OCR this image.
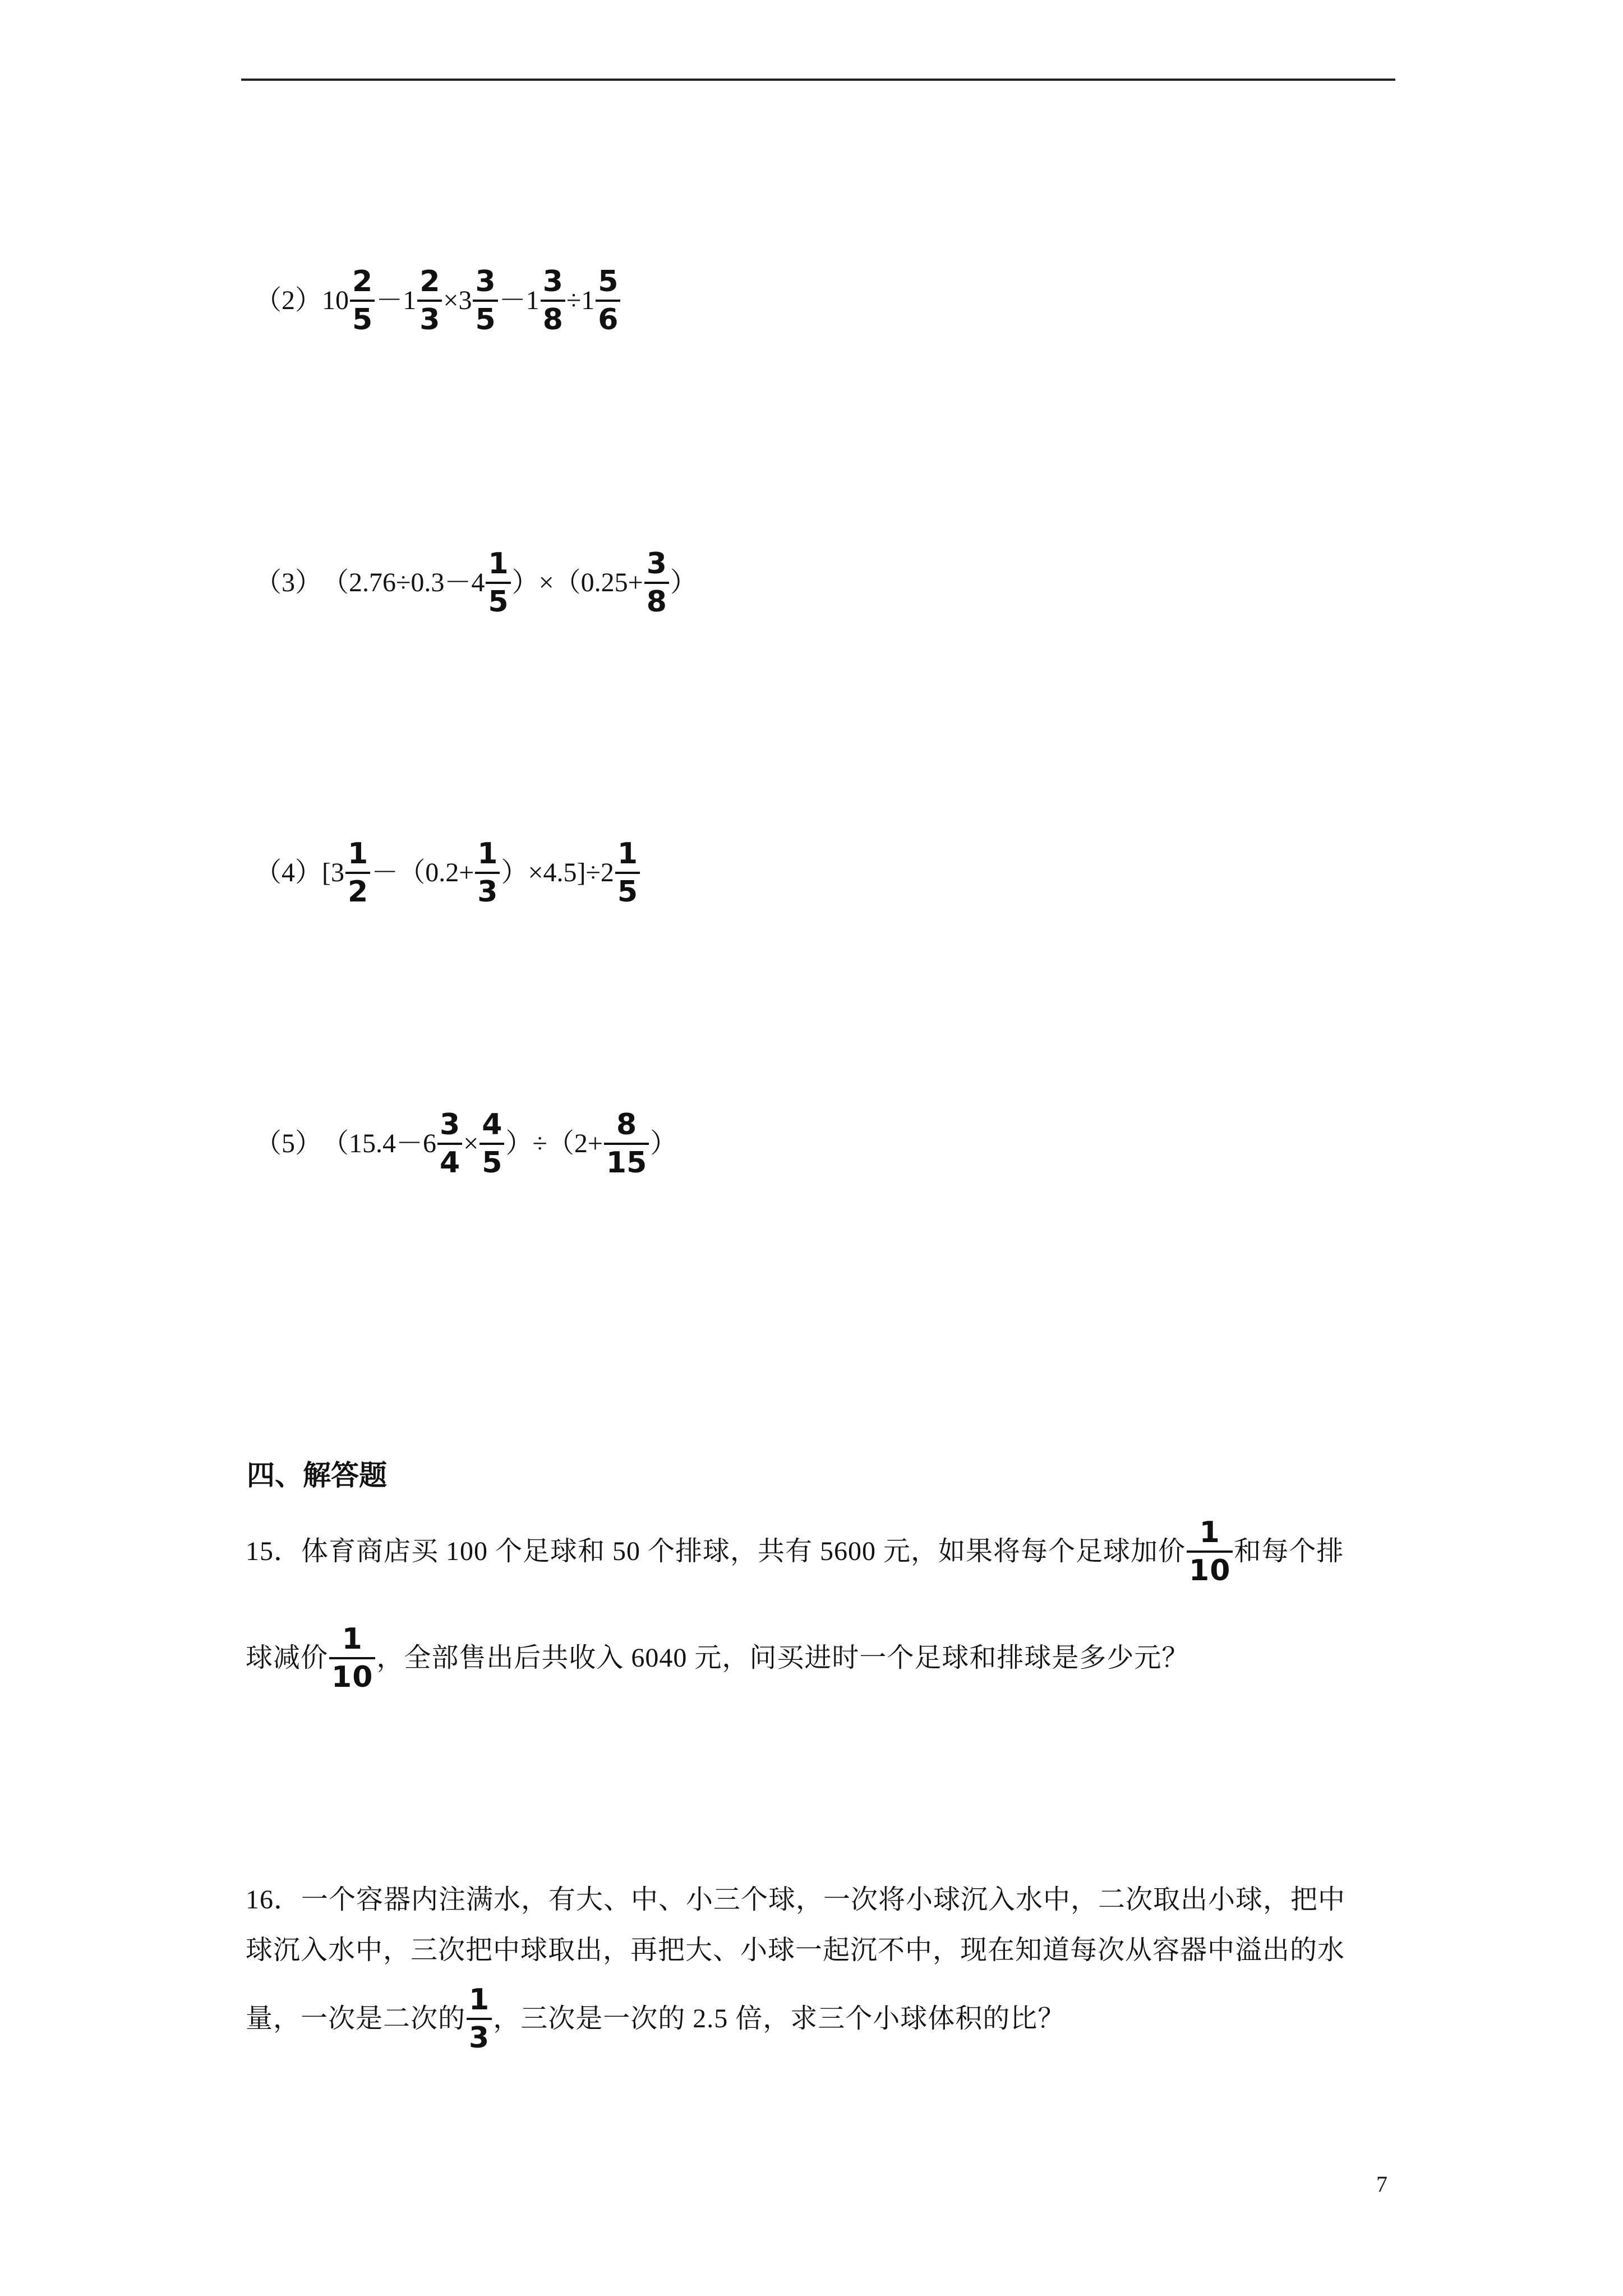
（2） $10 \frac{2}{5} -1 \frac{2}{3} \times 3 \frac{3}{5} -1 \frac{3}{8} \div 1 \frac{5}{6}$
（3） $(2.76\div 0.3-4 \frac{1}{5} )\times(0.25+ \frac{3}{8}$ ）
（4） $[3 \frac{1}{2} -(0.2+ \frac{1}{3} )\times 4.5]\div 2 \frac{1}{5}$
（5） $(15.4-6 \frac{3}{4} \times \frac{4}{5} )\div(2+ \frac{8}{15}$ ）
四、解答题
15．体育商店买 100 个足球和 50 个排球，共有 5600 元，如果将每个足球加价 $\frac{1}{10}$ 和每个排
球减价 $\frac{1}{10}$ ，全部售出后共收入 6040 元，问买进时一个足球和排球是多少元？
16．一个容器内注满水，有大、中、小三个球，一次将小球沉入水中，二次取出小球，把中
球沉入水中，三次把中球取出，再把大、小球一起沉不中，现在知道每次从容器中溢出的水
量，一次是二次的 $\frac{1}{3}$ ，三次是一次的 2.5 倍，求三个小球体积的比？
7
